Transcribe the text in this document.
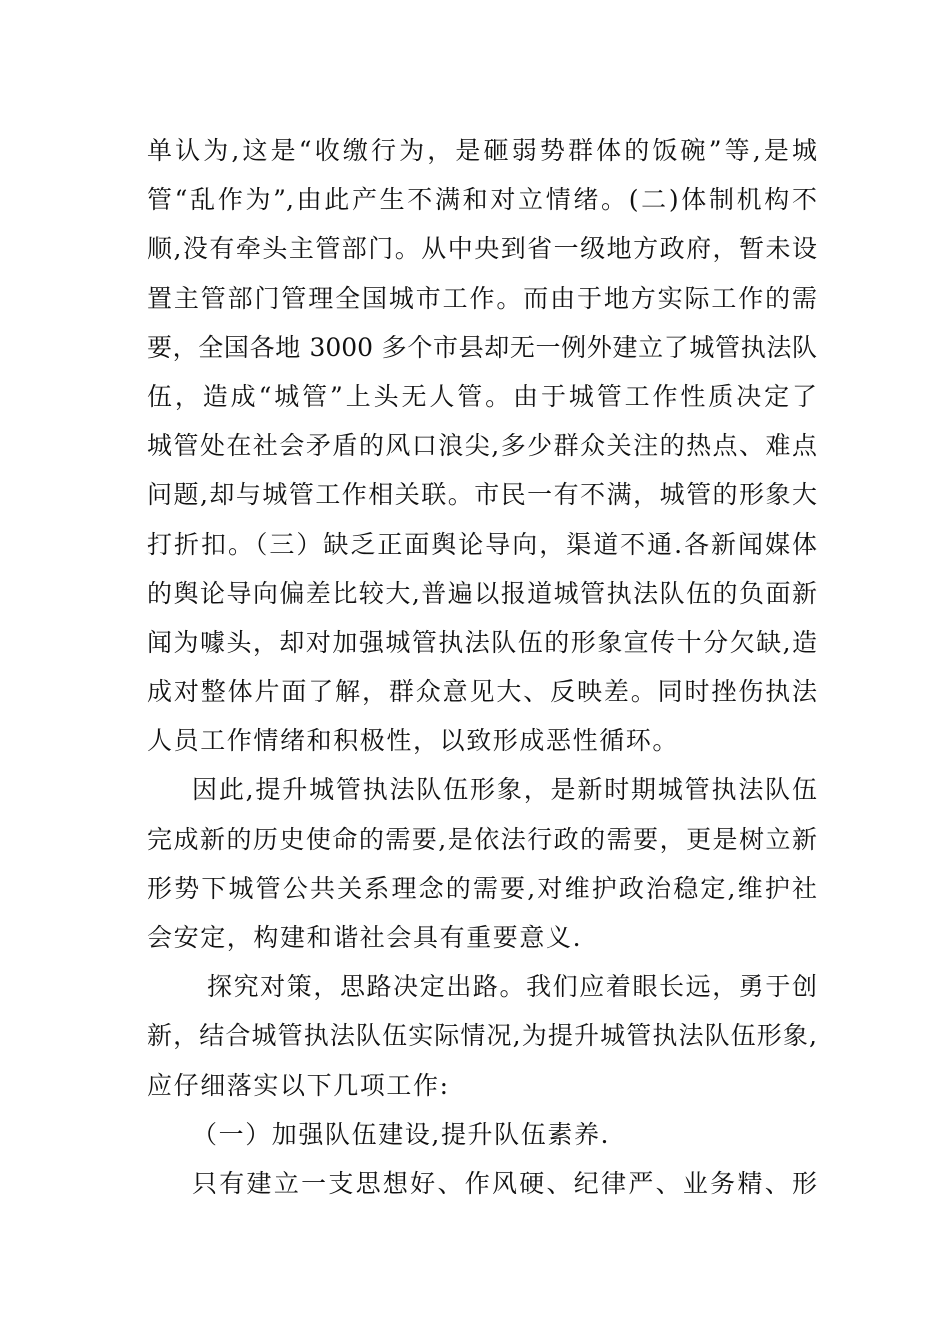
单认为,这是“收缴行为，是砸弱势群体的饭碗”等,是城
管“乱作为”,由此产生不满和对立情绪。(二)体制机构不
顺,没有牵头主管部门。从中央到省一级地方政府，暂未设
置主管部门管理全国城市工作。而由于地方实际工作的需
要，全国各地 3000 多个市县却无一例外建立了城管执法队
伍，造成“城管”上头无人管。由于城管工作性质决定了
城管处在社会矛盾的风口浪尖,多少群众关注的热点、难点
问题,却与城管工作相关联。市民一有不满，城管的形象大
打折扣。（三）缺乏正面舆论导向，渠道不通.各新闻媒体
的舆论导向偏差比较大,普遍以报道城管执法队伍的负面新
闻为噱头，却对加强城管执法队伍的形象宣传十分欠缺,造
成对整体片面了解，群众意见大、反映差。同时挫伤执法
人员工作情绪和积极性，以致形成恶性循环。
因此,提升城管执法队伍形象，是新时期城管执法队伍
完成新的历史使命的需要,是依法行政的需要，更是树立新
形势下城管公共关系理念的需要,对维护政治稳定,维护社
会安定，构建和谐社会具有重要意义.
探究对策，思路决定出路。我们应着眼长远，勇于创
新，结合城管执法队伍实际情况,为提升城管执法队伍形象,
应仔细落实以下几项工作:
（一）加强队伍建设,提升队伍素养.
只有建立一支思想好、作风硬、纪律严、业务精、形
